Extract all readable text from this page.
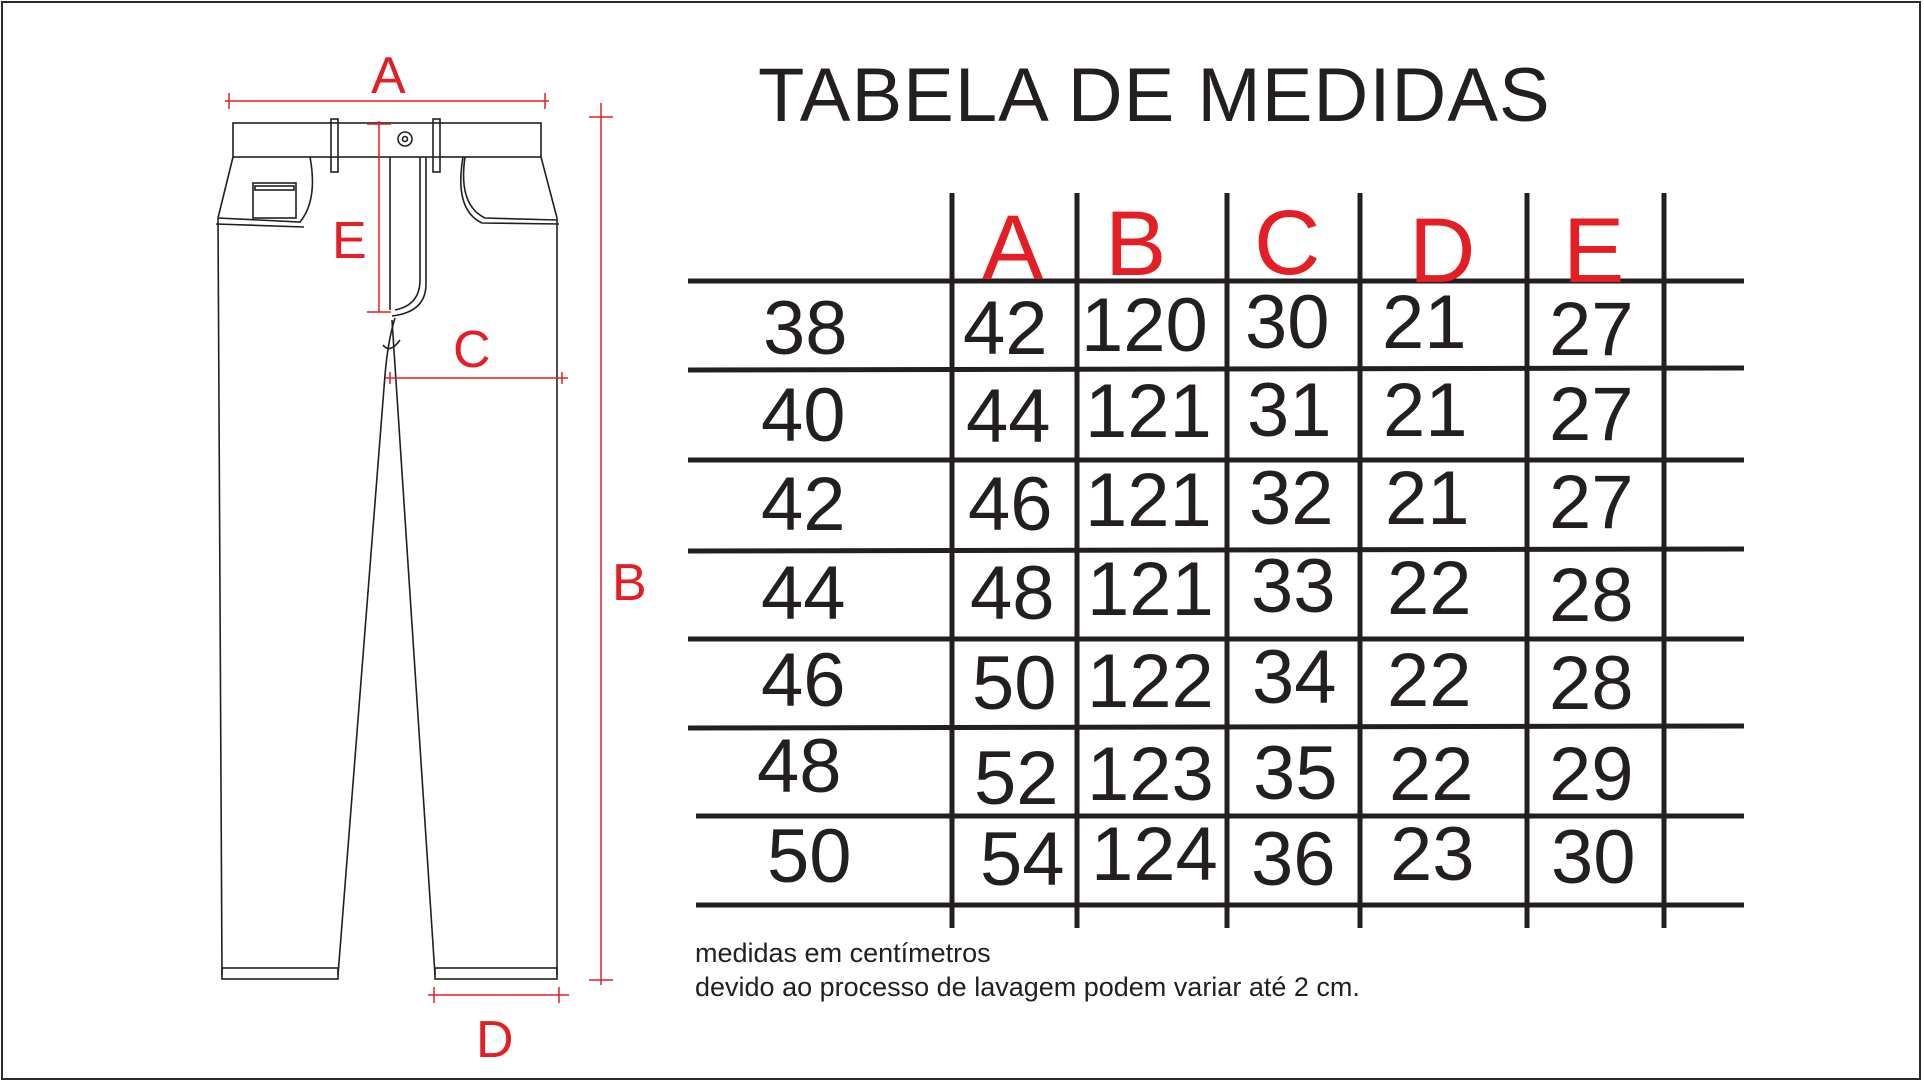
A
B
C
D
E
TABELA DE MEDIDAS
A B C D E
38 42 120 30 21 27
40 44 121 31 21 27
42 46 121 32 21 27
44 48 121 33 22 28
46 50 122 34 22 28
48 52 123 35 22 29
50 54 124 36 23 30
medidas em centímetros
devido ao processo de lavagem podem variar até 2 cm.
